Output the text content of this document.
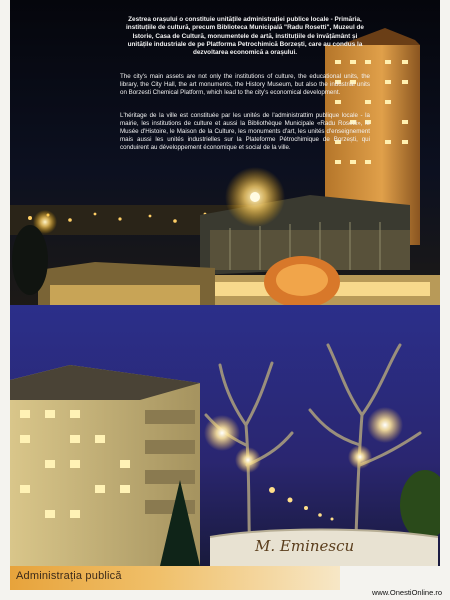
Zestrea orașului o constituie unitățile administrației publice locale - Primăria, instituțiile de cultură, precum Biblioteca Municipală "Radu Rosetti", Muzeul de Istorie, Casa de Cultură, monumentele de artă, instituțiile de învățământ și unitățile industriale de pe Platforma Petrochimică Borzești, care au condus la dezvoltarea economică a orașului.
The city's main assets are not only the institutions of culture, the educational units, the library, the City Hall, the art monuments, the History Museum, but also the industrial units on Borzesti Chemical Platform, which lead to the city's economical development.
L'héritage de la ville est constituée par les unités de l'administrattim publique locale - la mairie, les institutions de culture et aussi la Bibliothèque Municipale «Radu Rosetti», le Musée d'Histoire, le Maison de la Culture, les monuments d'art, les unités d'enseignement mais aussi les unités industrielles sur la Plateforme Pétrochimique de Borzești, qui conduirent au développement économique et social de la ville.
M. Eminescu
Administrația publică
www.OnestiOnline.ro
